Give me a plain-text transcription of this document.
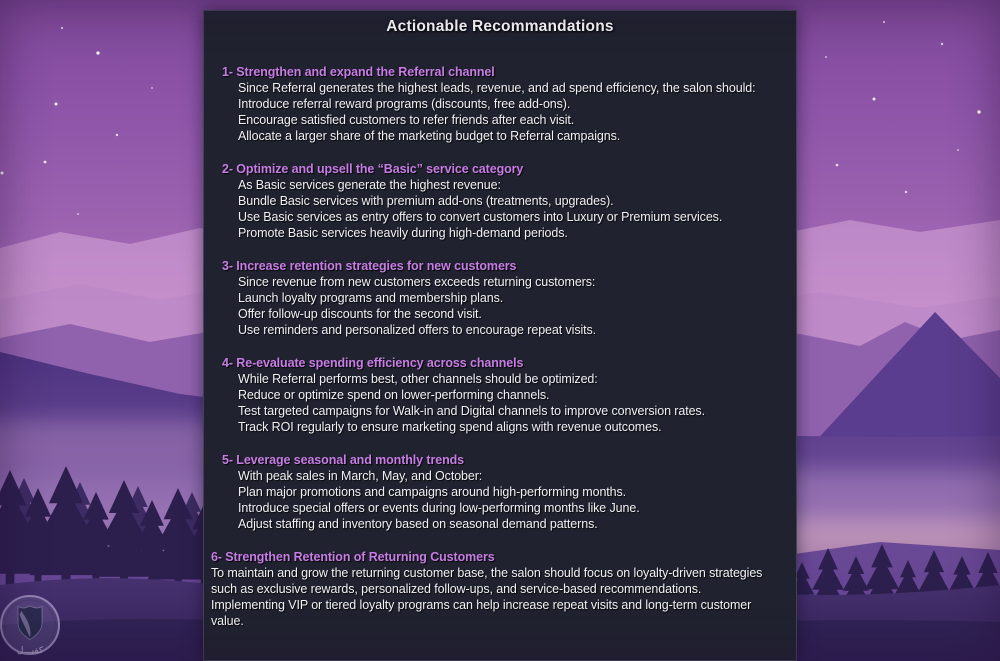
كفيـــل
Actionable Recommandations
1- Strengthen and expand the Referral channel

Since Referral generates the highest leads, revenue, and ad spend efficiency, the salon should:

Introduce referral reward programs (discounts, free add-ons).

Encourage satisfied customers to refer friends after each visit.

Allocate a larger share of the marketing budget to Referral campaigns.

2- Optimize and upsell the “Basic” service category

As Basic services generate the highest revenue:

Bundle Basic services with premium add-ons (treatments, upgrades).

Use Basic services as entry offers to convert customers into Luxury or Premium services.

Promote Basic services heavily during high-demand periods.

3- Increase retention strategies for new customers

Since revenue from new customers exceeds returning customers:

Launch loyalty programs and membership plans.

Offer follow-up discounts for the second visit.

Use reminders and personalized offers to encourage repeat visits.

4- Re-evaluate spending efficiency across channels

While Referral performs best, other channels should be optimized:

Reduce or optimize spend on lower-performing channels.

Test targeted campaigns for Walk-in and Digital channels to improve conversion rates.

Track ROI regularly to ensure marketing spend aligns with revenue outcomes.

5- Leverage seasonal and monthly trends

With peak sales in March, May, and October:

Plan major promotions and campaigns around high-performing months.

Introduce special offers or events during low-performing months like June.

Adjust staffing and inventory based on seasonal demand patterns.

6- Strengthen Retention of Returning Customers

To maintain and grow the returning customer base, the salon should focus on loyalty-driven strategies such as exclusive rewards, personalized follow-ups, and service-based recommendations. Implementing VIP or tiered loyalty programs can help increase repeat visits and long-term customer value.
